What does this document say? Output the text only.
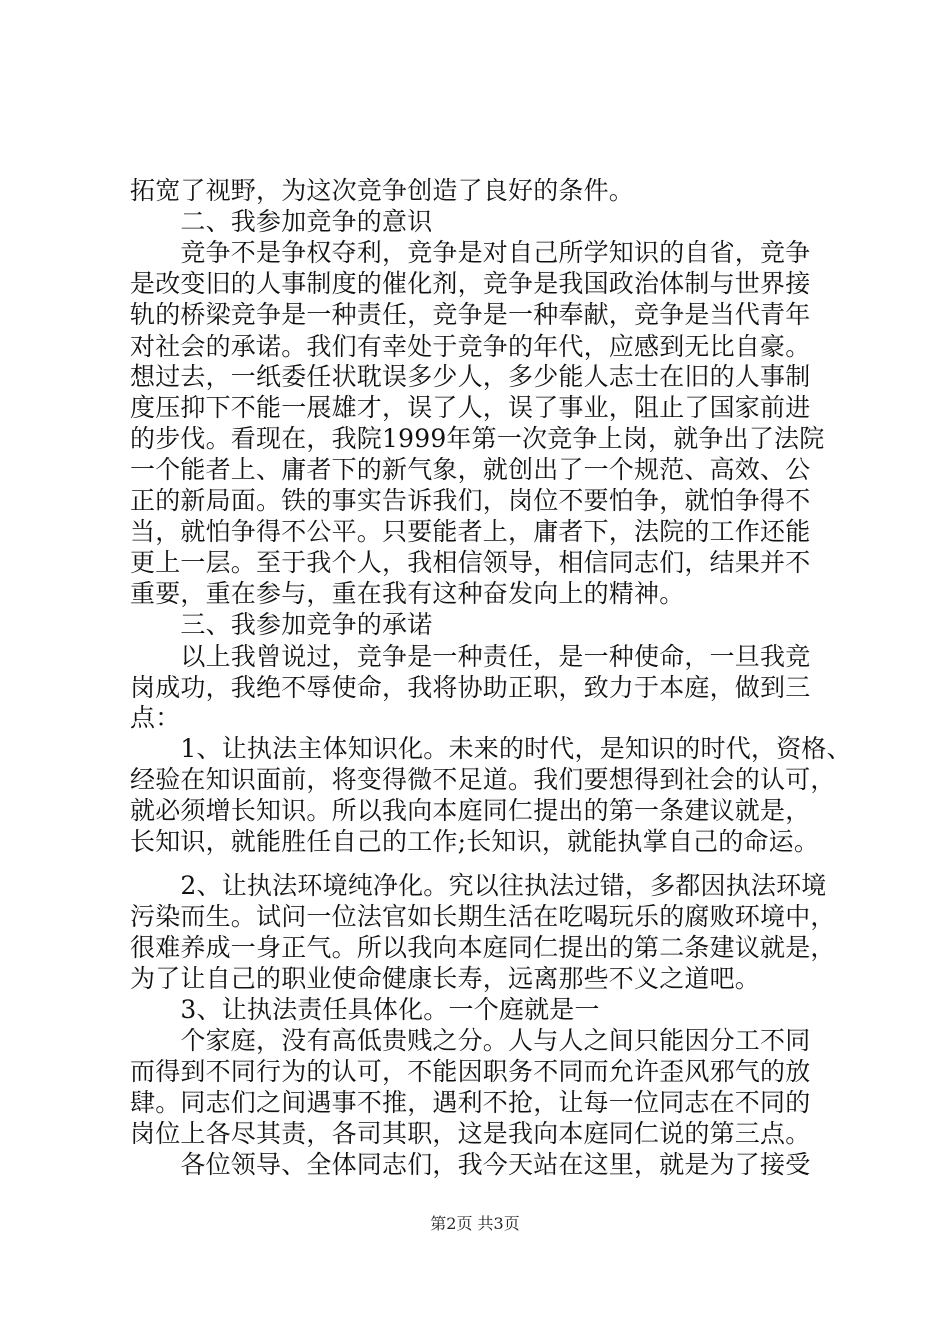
拓宽了视野，为这次竞争创造了良好的条件。
　　二、我参加竞争的意识
　　竞争不是争权夺利，竞争是对自己所学知识的自省，竞争
是改变旧的人事制度的催化剂，竞争是我国政治体制与世界接
轨的桥梁竞争是一种责任，竞争是一种奉献，竞争是当代青年
对社会的承诺。我们有幸处于竞争的年代，应感到无比自豪。
想过去，一纸委任状耽误多少人，多少能人志士在旧的人事制
度压抑下不能一展雄才，误了人，误了事业，阻止了国家前进
的步伐。看现在，我院1999年第一次竞争上岗，就争出了法院
一个能者上、庸者下的新气象，就创出了一个规范、高效、公
正的新局面。铁的事实告诉我们，岗位不要怕争，就怕争得不
当，就怕争得不公平。只要能者上，庸者下，法院的工作还能
更上一层。至于我个人，我相信领导，相信同志们，结果并不
重要，重在参与，重在我有这种奋发向上的精神。
　　三、我参加竞争的承诺
　　以上我曾说过，竞争是一种责任，是一种使命，一旦我竞
岗成功，我绝不辱使命，我将协助正职，致力于本庭，做到三
点：
　　1、让执法主体知识化。未来的时代，是知识的时代，资格、
经验在知识面前，将变得微不足道。我们要想得到社会的认可，
就必须增长知识。所以我向本庭同仁提出的第一条建议就是，
长知识，就能胜任自己的工作;长知识，就能执掌自己的命运。
　　2、让执法环境纯净化。究以往执法过错，多都因执法环境
污染而生。试问一位法官如长期生活在吃喝玩乐的腐败环境中，
很难养成一身正气。所以我向本庭同仁提出的第二条建议就是，
为了让自己的职业使命健康长寿，远离那些不义之道吧。
　　3、让执法责任具体化。一个庭就是一
　　个家庭，没有高低贵贱之分。人与人之间只能因分工不同
而得到不同行为的认可，不能因职务不同而允许歪风邪气的放
肆。同志们之间遇事不推，遇利不抢，让每一位同志在不同的
岗位上各尽其责，各司其职，这是我向本庭同仁说的第三点。
　　各位领导、全体同志们，我今天站在这里，就是为了接受
第2页 共3页
